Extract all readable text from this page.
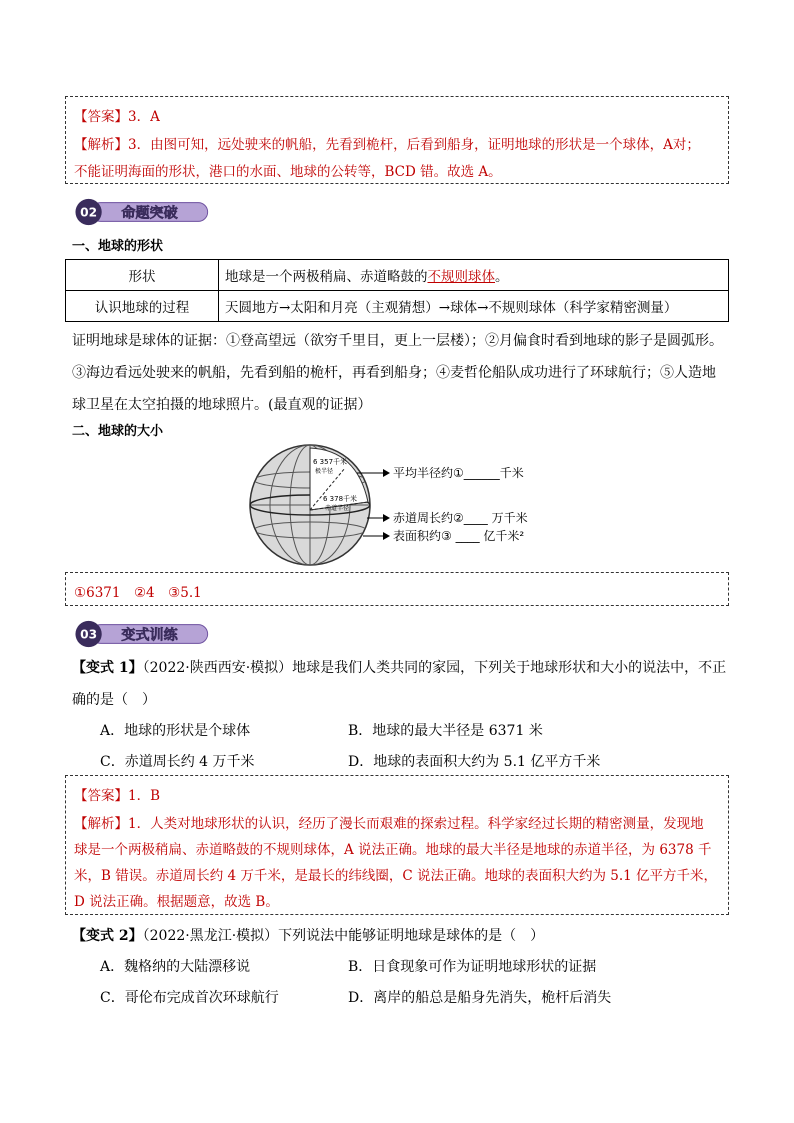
【答案】3．A
【解析】3．由图可知，远处驶来的帆船，先看到桅杆，后看到船身，证明地球的形状是一个球体，A对；
不能证明海面的形状，港口的水面、地球的公转等，BCD 错。故选 A。
02 命题突破
一、地球的形状
形状	地球是一个两极稍扁、赤道略鼓的不规则球体。
认识地球的过程	天圆地方→太阳和月亮（主观猜想）→球体→不规则球体（科学家精密测量）
证明地球是球体的证据：①登高望远（欲穷千里目，更上一层楼）；②月偏食时看到地球的影子是圆弧形。
③海边看远处驶来的帆船，先看到船的桅杆，再看到船身；④麦哲伦船队成功进行了环球航行；⑤人造地
球卫星在太空拍摄的地球照片。(最直观的证据）
二、地球的大小
6 357千米
极半径
6 378千米
赤道半径
平均半径约①______千米
赤道周长约②____ 万千米
表面积约③ ____ 亿千米²
①6371　②4　③5.1
03 变式训练
【变式 1】（2022·陕西西安·模拟）地球是我们人类共同的家园，下列关于地球形状和大小的说法中，不正
确的是（　）
A．地球的形状是个球体	B．地球的最大半径是 6371 米
C．赤道周长约 4 万千米	D．地球的表面积大约为 5.1 亿平方千米
【答案】1．B
【解析】1．人类对地球形状的认识，经历了漫长而艰难的探索过程。科学家经过长期的精密测量，发现地
球是一个两极稍扁、赤道略鼓的不规则球体，A 说法正确。地球的最大半径是地球的赤道半径，为 6378 千
米，B 错误。赤道周长约 4 万千米，是最长的纬线圈，C 说法正确。地球的表面积大约为 5.1 亿平方千米，
D 说法正确。根据题意，故选 B。
【变式 2】（2022·黑龙江·模拟）下列说法中能够证明地球是球体的是（　）
A．魏格纳的大陆漂移说	B．日食现象可作为证明地球形状的证据
C．哥伦布完成首次环球航行	D．离岸的船总是船身先消失，桅杆后消失
